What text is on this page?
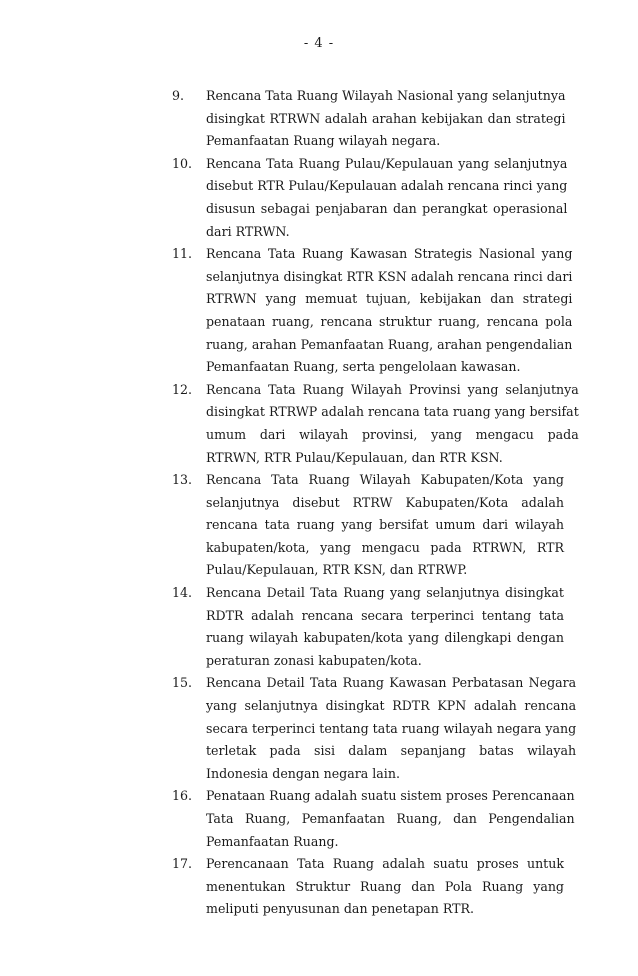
- 4 -
9.	Rencana Tata Ruang Wilayah Nasional yang selanjutnya
disingkat RTRWN adalah arahan kebijakan dan strategi
Pemanfaatan Ruang wilayah negara.
10.	Rencana Tata Ruang Pulau/Kepulauan yang selanjutnya
disebut RTR Pulau/Kepulauan adalah rencana rinci yang
disusun sebagai penjabaran dan perangkat operasional
dari RTRWN.
11.	Rencana Tata Ruang Kawasan Strategis Nasional yang
selanjutnya disingkat RTR KSN adalah rencana rinci dari
RTRWN yang memuat tujuan, kebijakan dan strategi
penataan ruang, rencana struktur ruang, rencana pola
ruang, arahan Pemanfaatan Ruang, arahan pengendalian
Pemanfaatan Ruang, serta pengelolaan kawasan.
12.	Rencana Tata Ruang Wilayah Provinsi yang selanjutnya
disingkat RTRWP adalah rencana tata ruang yang bersifat
umum dari wilayah provinsi, yang mengacu pada
RTRWN, RTR Pulau/Kepulauan, dan RTR KSN.
13.	Rencana Tata Ruang Wilayah Kabupaten/Kota yang
selanjutnya disebut RTRW Kabupaten/Kota adalah
rencana tata ruang yang bersifat umum dari wilayah
kabupaten/kota, yang mengacu pada RTRWN, RTR
Pulau/Kepulauan, RTR KSN, dan RTRWP.
14.	Rencana Detail Tata Ruang yang selanjutnya disingkat
RDTR adalah rencana secara terperinci tentang tata
ruang wilayah kabupaten/kota yang dilengkapi dengan
peraturan zonasi kabupaten/kota.
15.	Rencana Detail Tata Ruang Kawasan Perbatasan Negara
yang selanjutnya disingkat RDTR KPN adalah rencana
secara terperinci tentang tata ruang wilayah negara yang
terletak pada sisi dalam sepanjang batas wilayah
Indonesia dengan negara lain.
16.	Penataan Ruang adalah suatu sistem proses Perencanaan
Tata Ruang, Pemanfaatan Ruang, dan Pengendalian
Pemanfaatan Ruang.
17.	Perencanaan Tata Ruang adalah suatu proses untuk
menentukan Struktur Ruang dan Pola Ruang yang
meliputi penyusunan dan penetapan RTR.
